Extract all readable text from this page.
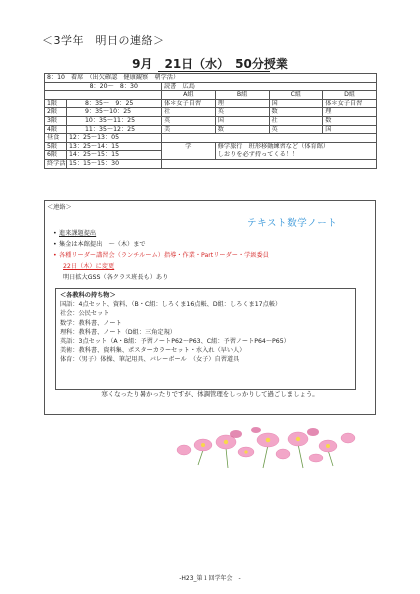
＜3学年　明日の連絡＞
9月　21日（水）　50分授業
8：10 着席　（出欠確認　健康観察　朝学活）					
	8：20〜　8：30	読書　広島			
		A組	B組	C組	D組
1限	8：35〜　9：25	体＊女子自習	理	国	体＊女子自習
2限	9：35〜10：25	社	英	数	理
3限	10：35〜11：25	英	国	社	数
4限	11：35〜12：25	美	数	英	国
昼食	12：25〜13：05				
5限	13：25〜14：15	学	修学旅行　班形移動練習など（体育館）		
6限	14：25〜15：15		しおりを必ず持ってくる！！		
終学活	15：15〜15：30				
＜連絡＞
テキスト数学ノート
• 進来課題提出
• 集金は本館提出　〜（木）まで
• 各種リーダー講習会（ランチルーム）指導・作業・Partリーダー・学級委員
22日（木）に変更
明日拡大GSS（各クラス班長も）あり
＜各教科の持ち物＞
国語：4点セット、資料、（B・C組：しろくま16点帳、D組：しろくま17点帳）
社会：公民セット
数学：教科書、ノート
理科：教科書、ノート（D組：三角定規）
英語：3点セット（A・B組：予習ノートP62〜P63、C組：予習ノートP64〜P65）
美術：教科書、資料集、ポスターカラーセット・水入れ（早い人）
体育：（男子）体操、筆記用具、バレーボール　（女子）自習道具
寒くなったり暑かったりですが、体調管理をしっかりして過ごしましょう。
-H23_第１回学年会　-
